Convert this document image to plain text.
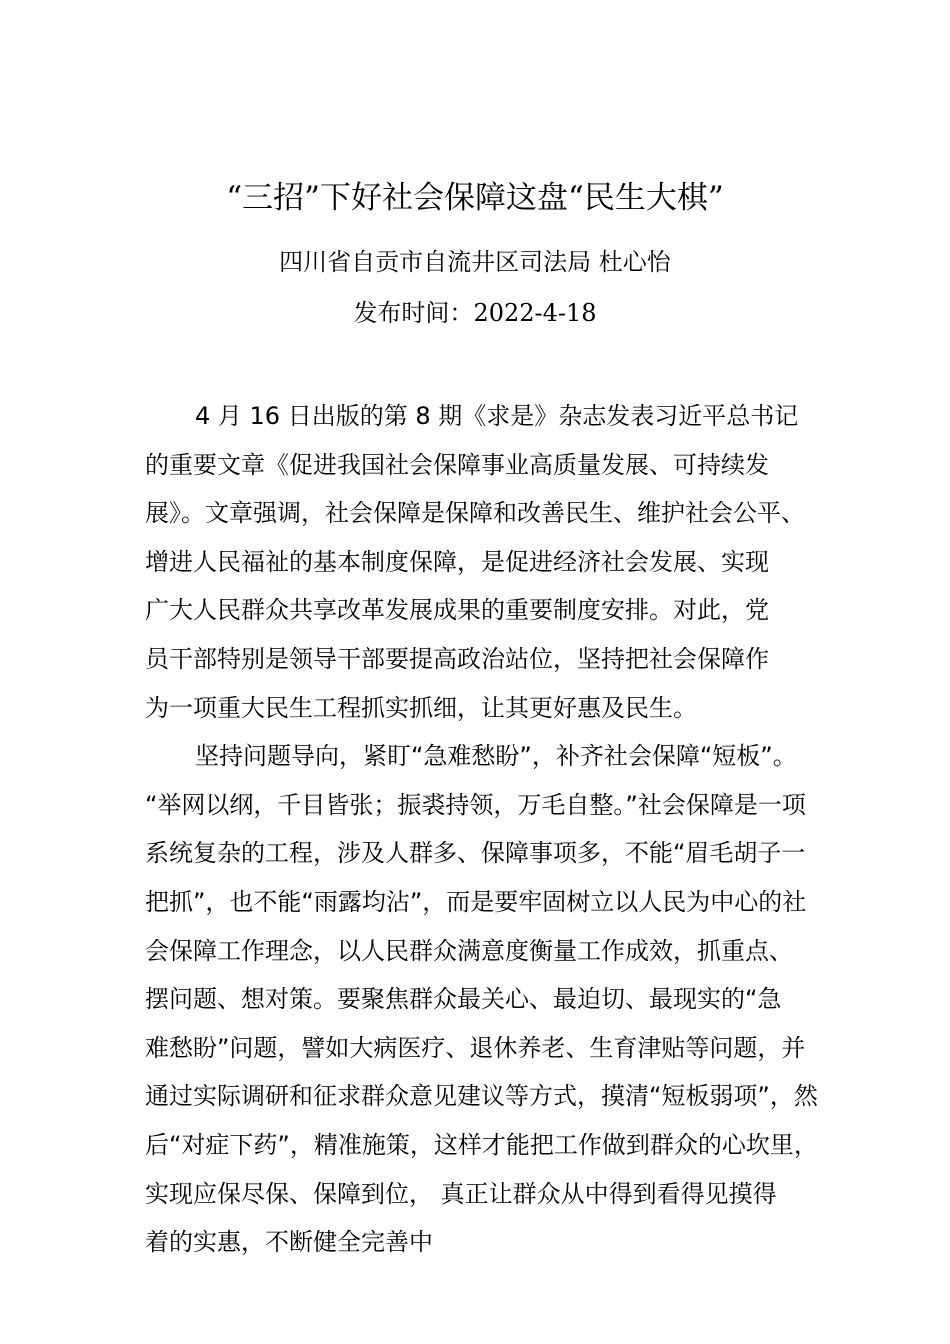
“三招”下好社会保障这盘“民生大棋”
四川省自贡市自流井区司法局 杜心怡
发布时间：2022-4-18
4 月 16 日出版的第 8 期《求是》杂志发表习近平总书记
的重要文章《促进我国社会保障事业高质量发展、可持续发
展》。文章强调，社会保障是保障和改善民生、维护社会公平、
增进人民福祉的基本制度保障，是促进经济社会发展、实现
广大人民群众共享改革发展成果的重要制度安排。对此，党
员干部特别是领导干部要提高政治站位，坚持把社会保障作
为一项重大民生工程抓实抓细，让其更好惠及民生。
坚持问题导向，紧盯“急难愁盼”，补齐社会保障“短板”。
“举网以纲，千目皆张；振裘持领，万毛自整。”社会保障是一项
系统复杂的工程，涉及人群多、保障事项多，不能“眉毛胡子一
把抓”，也不能“雨露均沾”，而是要牢固树立以人民为中心的社
会保障工作理念，以人民群众满意度衡量工作成效，抓重点、
摆问题、想对策。要聚焦群众最关心、最迫切、最现实的“急
难愁盼”问题，譬如大病医疗、退休养老、生育津贴等问题，并
通过实际调研和征求群众意见建议等方式，摸清“短板弱项”，然
后“对症下药”，精准施策，这样才能把工作做到群众的心坎里，
实现应保尽保、保障到位， 真正让群众从中得到看得见摸得
着的实惠，不断健全完善中
